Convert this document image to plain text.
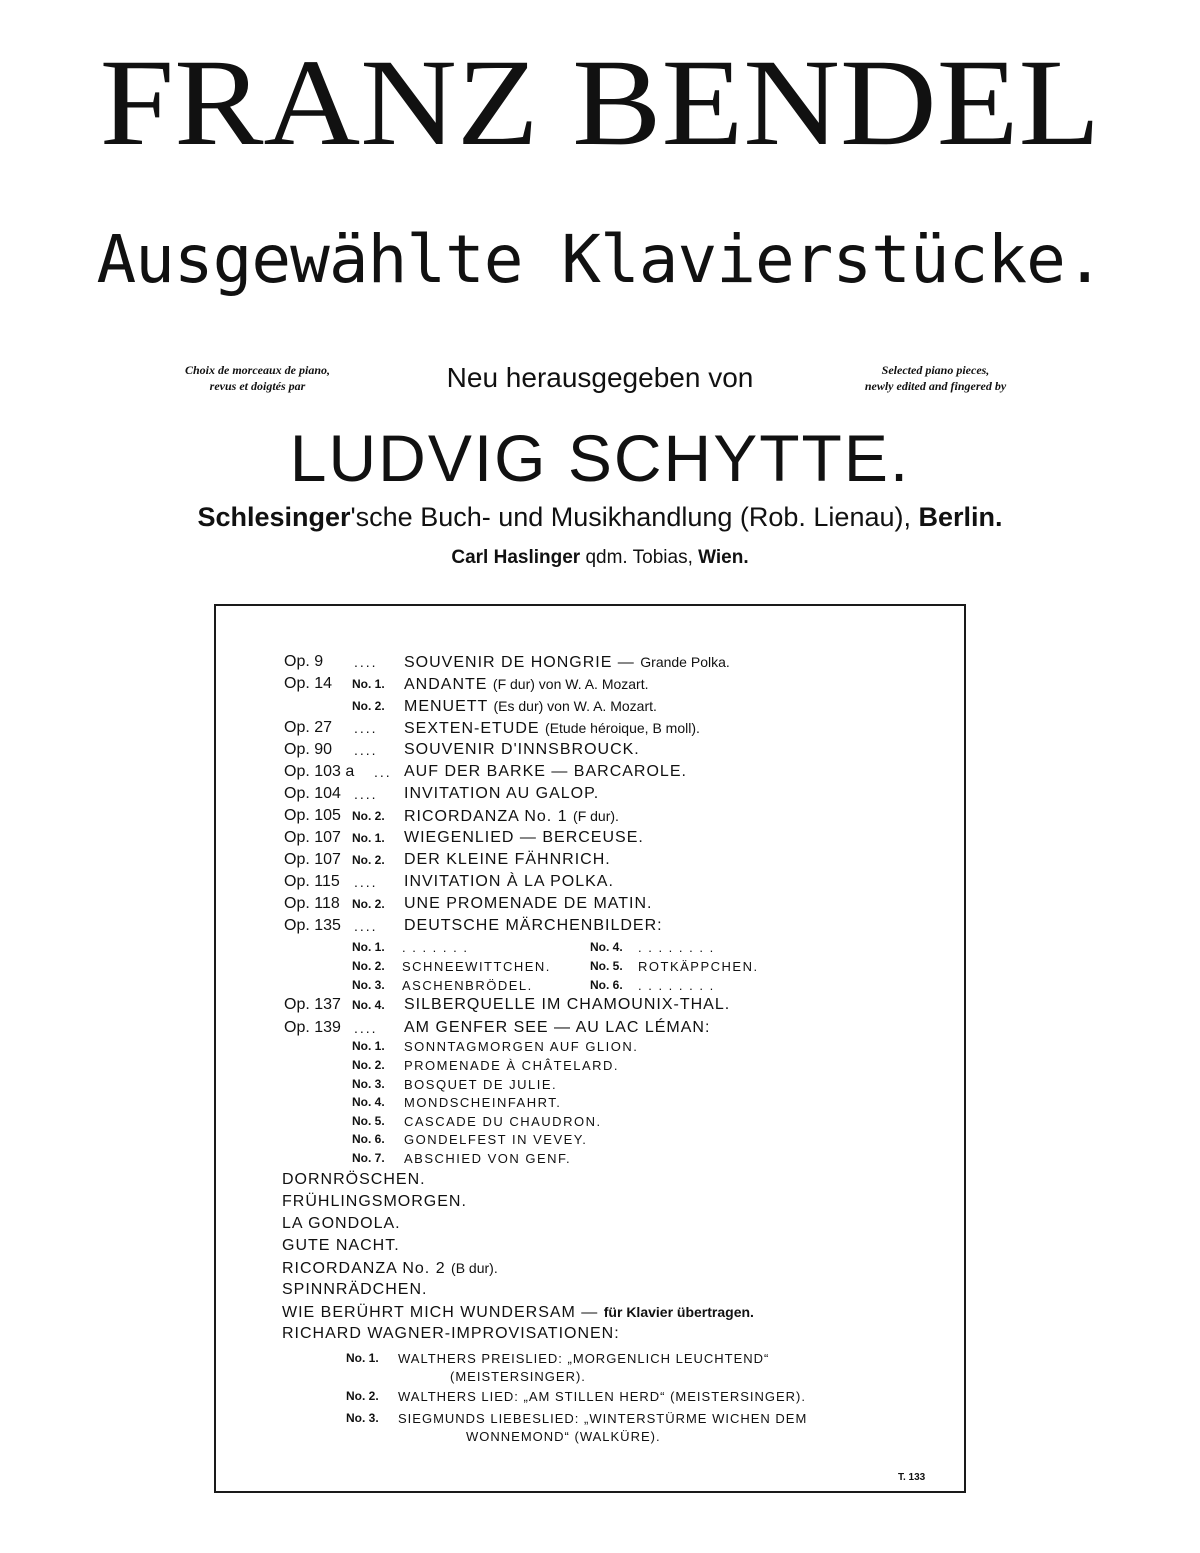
FRANZ BENDEL
Ausgewählte Klavierstücke.
Choix de morceaux de piano,
revus et doigtés par	Neu herausgegeben von	Selected piano pieces,
newly edited and fingered by
LUDVIG SCHYTTE.
Schlesinger'sche Buch- und Musikhandlung (Rob. Lienau), Berlin.
Carl Haslinger qdm. Tobias, Wien.
Op. 9 .... SOUVENIR DE HONGRIE — Grande Polka.
Op. 14 No. 1. ANDANTE (F dur) von W. A. Mozart.
No. 2. MENUETT (Es dur) von W. A. Mozart.
Op. 27 .... SEXTEN-ETUDE (Etude héroique, B moll).
Op. 90 .... SOUVENIR D'INNSBROUCK.
Op. 103 a ... AUF DER BARKE — BARCAROLE.
Op. 104 .... INVITATION AU GALOP.
Op. 105 No. 2. RICORDANZA No. 1 (F dur).
Op. 107 No. 1. WIEGENLIED — BERCEUSE.
Op. 107 No. 2. DER KLEINE FÄHNRICH.
Op. 115 .... INVITATION À LA POLKA.
Op. 118 No. 2. UNE PROMENADE DE MATIN.
Op. 135 .... DEUTSCHE MÄRCHENBILDER:
No. 1. . . . . . . .	No. 4. . . . . . . . .
No. 2. SCHNEEWITTCHEN.	No. 5. ROTKÄPPCHEN.
No. 3. ASCHENBRÖDEL.	No. 6. . . . . . . . .
Op. 137 No. 4. SILBERQUELLE IM CHAMOUNIX-THAL.
Op. 139 .... AM GENFER SEE — AU LAC LÉMAN:
No. 1. SONNTAGMORGEN AUF GLION.
No. 2. PROMENADE À CHÂTELARD.
No. 3. BOSQUET DE JULIE.
No. 4. MONDSCHEINFAHRT.
No. 5. CASCADE DU CHAUDRON.
No. 6. GONDELFEST IN VEVEY.
No. 7. ABSCHIED VON GENF.
DORNRÖSCHEN.
FRÜHLINGSMORGEN.
LA GONDOLA.
GUTE NACHT.
RICORDANZA No. 2 (B dur).
SPINNRÄDCHEN.
WIE BERÜHRT MICH WUNDERSAM — für Klavier übertragen.
RICHARD WAGNER-IMPROVISATIONEN:
No. 1. WALTHERS PREISLIED: „MORGENLICH LEUCHTEND“
(MEISTERSINGER).
No. 2. WALTHERS LIED: „AM STILLEN HERD“ (MEISTERSINGER).
No. 3. SIEGMUNDS LIEBESLIED: „WINTERSTÜRME WICHEN DEM
WONNEMOND“ (WALKÜRE).
T. 133
